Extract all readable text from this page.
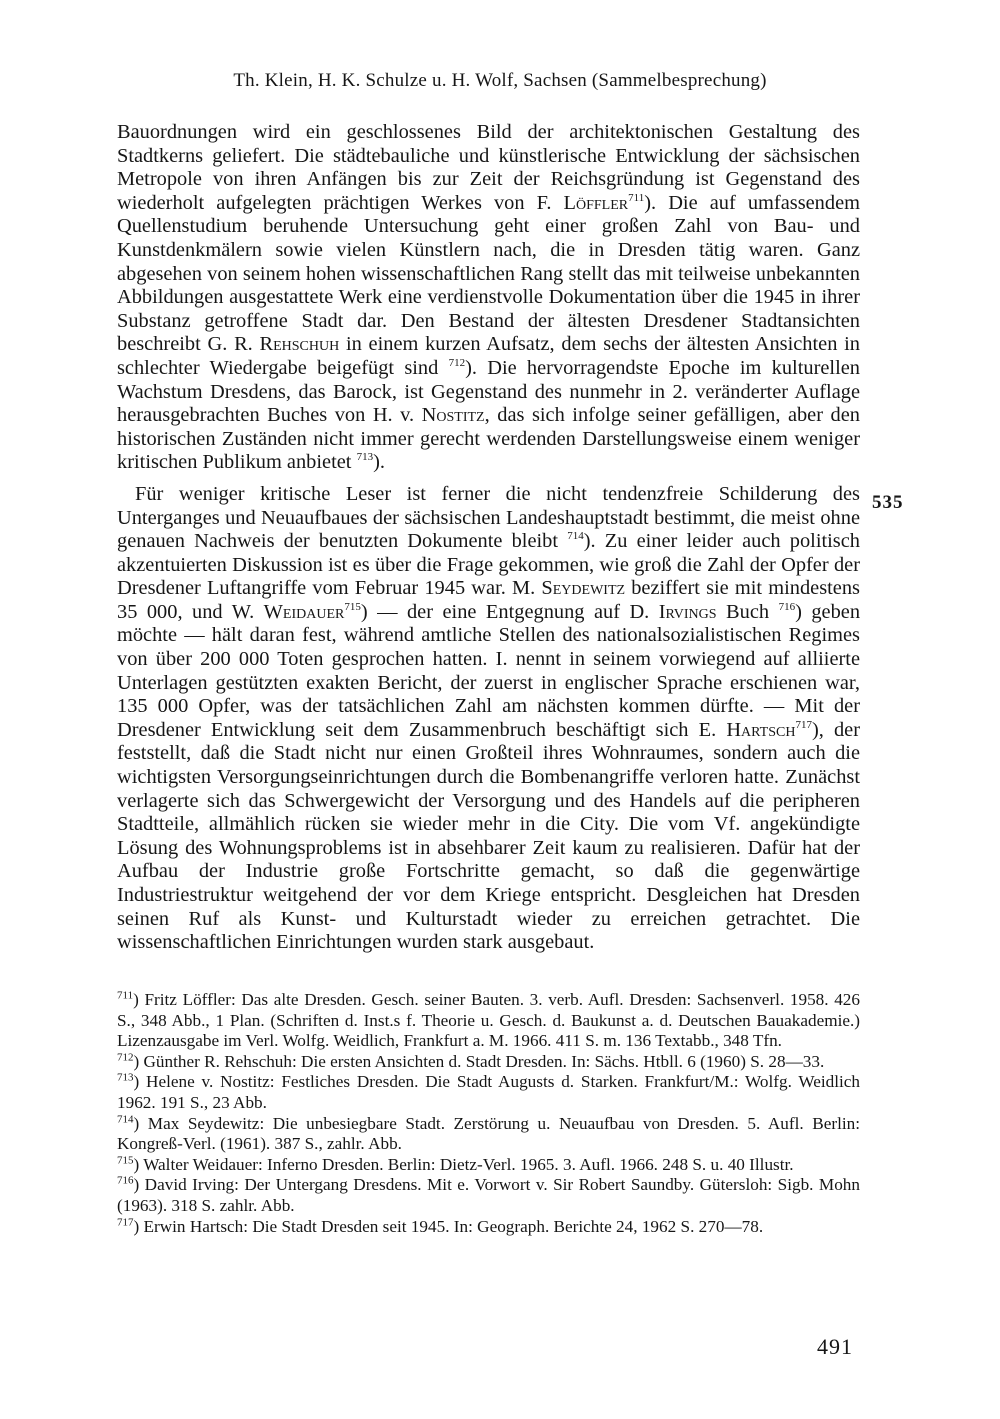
Th. Klein, H. K. Schulze u. H. Wolf, Sachsen (Sammelbesprechung)

Bauordnungen wird ein geschlossenes Bild der architektonischen Gestaltung des Stadtkerns geliefert. Die städtebauliche und künstlerische Entwicklung der sächsischen Metropole von ihren Anfängen bis zur Zeit der Reichsgründung ist Gegenstand des wiederholt aufgelegten prächtigen Werkes von F. Löffler$^{711}$). Die auf umfassendem Quellenstudium beruhende Untersuchung geht einer großen Zahl von Bau- und Kunstdenkmälern sowie vielen Künstlern nach, die in Dresden tätig waren. Ganz abgesehen von seinem hohen wissenschaftlichen Rang stellt das mit teilweise unbekannten Abbildungen ausgestattete Werk eine verdienstvolle Dokumentation über die 1945 in ihrer Substanz getroffene Stadt dar. Den Bestand der ältesten Dresdener Stadtansichten beschreibt G. R. Rehschuh in einem kurzen Aufsatz, dem sechs der ältesten Ansichten in schlechter Wiedergabe beigefügt sind $^{712}$). Die hervorragendste Epoche im kulturellen Wachstum Dresdens, das Barock, ist Gegenstand des nunmehr in 2. veränderter Auflage herausgebrachten Buches von H. v. Nostitz, das sich infolge seiner gefälligen, aber den historischen Zuständen nicht immer gerecht werdenden Darstellungsweise einem weniger kritischen Publikum anbietet $^{713}$).

Für weniger kritische Leser ist ferner die nicht tendenzfreie Schilderung des Unterganges und Neuaufbaues der sächsischen Landeshauptstadt bestimmt, die meist ohne genauen Nachweis der benutzten Dokumente bleibt $^{714}$). Zu einer leider auch politisch akzentuierten Diskussion ist es über die Frage gekommen, wie groß die Zahl der Opfer der Dresdener Luftangriffe vom Februar 1945 war. M. Seydewitz beziffert sie mit mindestens 35 000, und W. Weidauer$^{715}$) — der eine Entgegnung auf D. Irvings Buch $^{716}$) geben möchte — hält daran fest, während amtliche Stellen des nationalsozialistischen Regimes von über 200 000 Toten gesprochen hatten. I. nennt in seinem vorwiegend auf alliierte Unterlagen gestützten exakten Bericht, der zuerst in englischer Sprache erschienen war, 135 000 Opfer, was der tatsächlichen Zahl am nächsten kommen dürfte. — Mit der Dresdener Entwicklung seit dem Zusammenbruch beschäftigt sich E. Hartsch$^{717}$), der feststellt, daß die Stadt nicht nur einen Großteil ihres Wohnraumes, sondern auch die wichtigsten Versorgungseinrichtungen durch die Bombenangriffe verloren hatte. Zunächst verlagerte sich das Schwergewicht der Versorgung und des Handels auf die peripheren Stadtteile, allmählich rücken sie wieder mehr in die City. Die vom Vf. angekündigte Lösung des Wohnungsproblems ist in absehbarer Zeit kaum zu realisieren. Dafür hat der Aufbau der Industrie große Fortschritte gemacht, so daß die gegenwärtige Industriestruktur weitgehend der vor dem Kriege entspricht. Desgleichen hat Dresden seinen Ruf als Kunst- und Kulturstadt wieder zu erreichen getrachtet. Die wissenschaftlichen Einrichtungen wurden stark ausgebaut.

535

$^{711}$) Fritz Löffler: Das alte Dresden. Gesch. seiner Bauten. 3. verb. Aufl. Dresden: Sachsenverl. 1958. 426 S., 348 Abb., 1 Plan. (Schriften d. Inst.s f. Theorie u. Gesch. d. Baukunst a. d. Deutschen Bauakademie.) Lizenzausgabe im Verl. Wolfg. Weidlich, Frankfurt a. M. 1966. 411 S. m. 136 Textabb., 348 Tfn.

$^{712}$) Günther R. Rehschuh: Die ersten Ansichten d. Stadt Dresden. In: Sächs. Htbll. 6 (1960) S. 28—33.

$^{713}$) Helene v. Nostitz: Festliches Dresden. Die Stadt Augusts d. Starken. Frankfurt/M.: Wolfg. Weidlich 1962. 191 S., 23 Abb.

$^{714}$) Max Seydewitz: Die unbesiegbare Stadt. Zerstörung u. Neuaufbau von Dresden. 5. Aufl. Berlin: Kongreß-Verl. (1961). 387 S., zahlr. Abb.

$^{715}$) Walter Weidauer: Inferno Dresden. Berlin: Dietz-Verl. 1965. 3. Aufl. 1966. 248 S. u. 40 Illustr.

$^{716}$) David Irving: Der Untergang Dresdens. Mit e. Vorwort v. Sir Robert Saundby. Gütersloh: Sigb. Mohn (1963). 318 S. zahlr. Abb.

$^{717}$) Erwin Hartsch: Die Stadt Dresden seit 1945. In: Geograph. Berichte 24, 1962 S. 270—78.

491
